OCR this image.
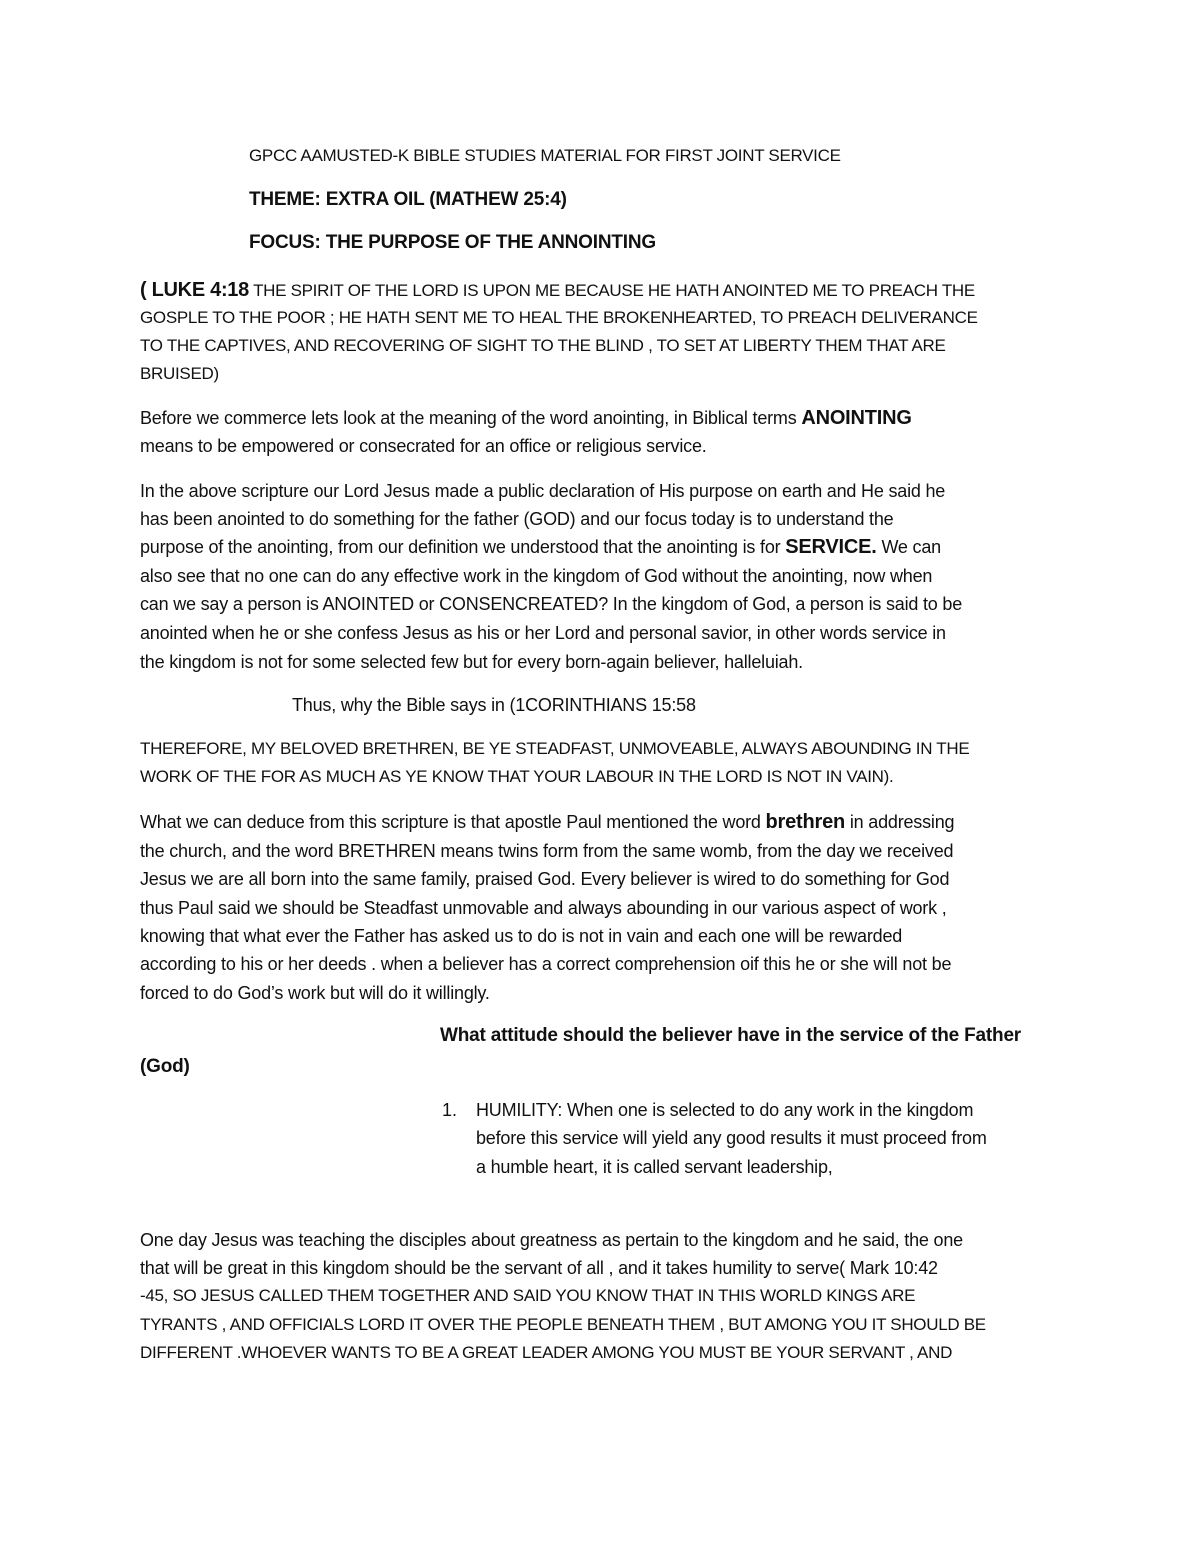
GPCC AAMUSTED-K BIBLE STUDIES MATERIAL FOR FIRST JOINT SERVICE
THEME: EXTRA OIL (MATHEW 25:4)
FOCUS: THE PURPOSE OF THE ANNOINTING
( LUKE 4:18 THE SPIRIT OF THE LORD IS UPON ME BECAUSE HE HATH ANOINTED ME TO PREACH THE
GOSPLE TO THE POOR ; HE HATH SENT ME TO HEAL THE BROKENHEARTED, TO PREACH DELIVERANCE
TO THE CAPTIVES, AND RECOVERING OF SIGHT TO THE BLIND , TO SET AT LIBERTY THEM THAT ARE
BRUISED)
Before we commerce lets look at the meaning of the word anointing, in Biblical terms ANOINTING
means to be empowered or consecrated for an office or religious service.
In the above scripture our Lord Jesus made a public declaration of His purpose on earth and He said he
has been anointed to do something for the father (GOD) and our focus today is to understand the
purpose of the anointing, from our definition we understood that the anointing is for SERVICE. We can
also see that no one can do any effective work in the kingdom of God without the anointing, now when
can we say a person is ANOINTED or CONSENCREATED? In the kingdom of God, a person is said to be
anointed when he or she confess Jesus as his or her Lord and personal savior, in other words service in
the kingdom is not for some selected few but for every born-again believer, halleluiah.
Thus, why the Bible says in (1CORINTHIANS 15:58
THEREFORE, MY BELOVED BRETHREN, BE YE STEADFAST, UNMOVEABLE, ALWAYS ABOUNDING IN THE
WORK OF THE FOR AS MUCH AS YE KNOW THAT YOUR LABOUR IN THE LORD IS NOT IN VAIN).
What we can deduce from this scripture is that apostle Paul mentioned the word brethren in addressing
the church, and the word BRETHREN means twins form from the same womb, from the day we received
Jesus we are all born into the same family, praised God. Every believer is wired to do something for God
thus Paul said we should be Steadfast unmovable and always abounding in our various aspect of work ,
knowing that what ever the Father has asked us to do is not in vain and each one will be rewarded
according to his or her deeds . when a believer has a correct comprehension oif this he or she will not be
forced to do God’s work but will do it willingly.
What attitude should the believer have in the service of the Father
(God)
1. HUMILITY: When one is selected to do any work in the kingdom
before this service will yield any good results it must proceed from
a humble heart, it is called servant leadership,
One day Jesus was teaching the disciples about greatness as pertain to the kingdom and he said, the one
that will be great in this kingdom should be the servant of all , and it takes humility to serve( Mark 10:42
-45, SO JESUS CALLED THEM TOGETHER AND SAID YOU KNOW THAT IN THIS WORLD KINGS ARE
TYRANTS , AND OFFICIALS LORD IT OVER THE PEOPLE BENEATH THEM , BUT AMONG YOU IT SHOULD BE
DIFFERENT .WHOEVER WANTS TO BE A GREAT LEADER AMONG YOU MUST BE YOUR SERVANT , AND
